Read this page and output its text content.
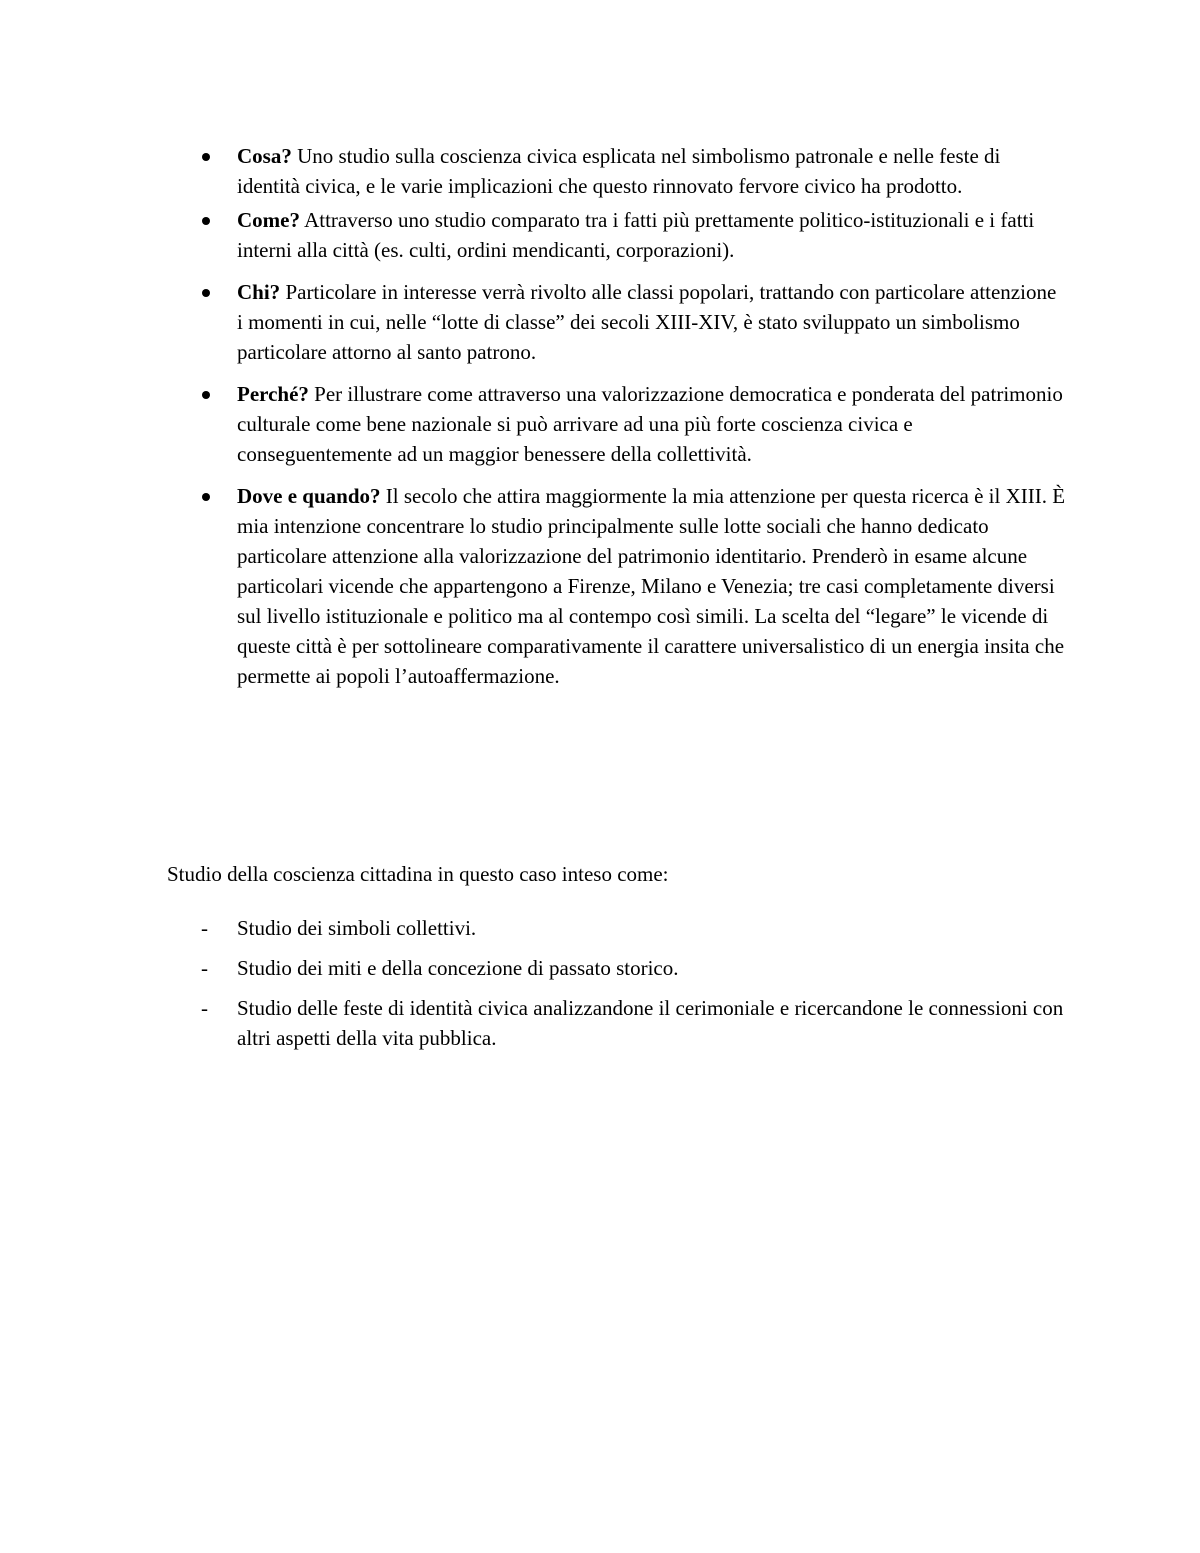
Cosa? Uno studio sulla coscienza civica esplicata nel simbolismo patronale e nelle feste di identità civica, e le varie implicazioni che questo rinnovato fervore civico ha prodotto.
Come? Attraverso uno studio comparato tra i fatti più prettamente politico-istituzionali e i fatti interni alla città (es. culti, ordini mendicanti, corporazioni).
Chi? Particolare in interesse verrà rivolto alle classi popolari, trattando con particolare attenzione i momenti in cui, nelle “lotte di classe” dei secoli XIII-XIV, è stato sviluppato un simbolismo particolare attorno al santo patrono.
Perché? Per illustrare come attraverso una valorizzazione democratica e ponderata del patrimonio culturale come bene nazionale si può arrivare ad una più forte coscienza civica e conseguentemente ad un maggior benessere della collettività.
Dove e quando? Il secolo che attira maggiormente la mia attenzione per questa ricerca è il XIII. È mia intenzione concentrare lo studio principalmente sulle lotte sociali che hanno dedicato particolare attenzione alla valorizzazione del patrimonio identitario. Prenderò in esame alcune particolari vicende che appartengono a Firenze, Milano e Venezia; tre casi completamente diversi sul livello istituzionale e politico ma al contempo così simili. La scelta del “legare” le vicende di queste città è per sottolineare comparativamente il carattere universalistico di un energia insita che permette ai popoli l’autoaffermazione.

Studio della coscienza cittadina in questo caso inteso come:

- Studio dei simboli collettivi.
- Studio dei miti e della concezione di passato storico.
- Studio delle feste di identità civica analizzandone il cerimoniale e ricercandone le connessioni con altri aspetti della vita pubblica.
